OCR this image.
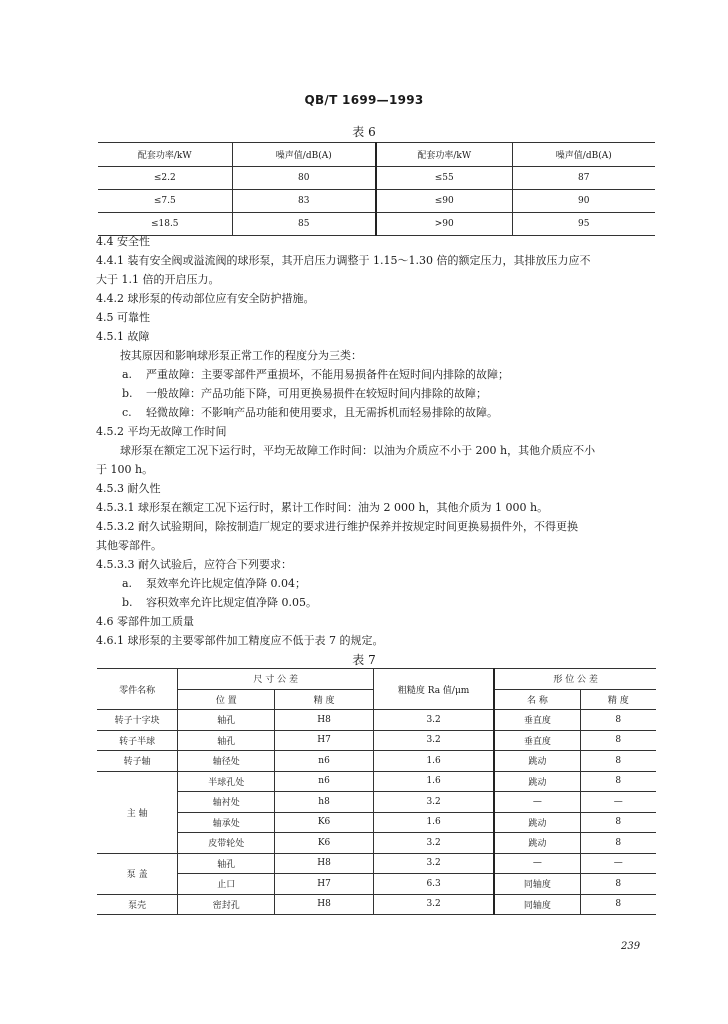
QB/T 1699—1993
表 6
配套功率/kW	噪声值/dB(A)	配套功率/kW	噪声值/dB(A)
≤2.2	80	≤55	87
≤7.5	83	≤90	90
≤18.5	85	>90	95
4.4 安全性
4.4.1 装有安全阀或溢流阀的球形泵，其开启压力调整于 1.15～1.30 倍的额定压力，其排放压力应不
大于 1.1 倍的开启压力。
4.4.2 球形泵的传动部位应有安全防护措施。
4.5 可靠性
4.5.1 故障
按其原因和影响球形泵正常工作的程度分为三类：
a. 严重故障：主要零部件严重损坏，不能用易损备件在短时间内排除的故障；
b. 一般故障：产品功能下降，可用更换易损件在较短时间内排除的故障；
c. 轻微故障：不影响产品功能和使用要求，且无需拆机而轻易排除的故障。
4.5.2 平均无故障工作时间
球形泵在额定工况下运行时，平均无故障工作时间：以油为介质应不小于 200 h，其他介质应不小
于 100 h。
4.5.3 耐久性
4.5.3.1 球形泵在额定工况下运行时，累计工作时间：油为 2 000 h，其他介质为 1 000 h。
4.5.3.2 耐久试验期间，除按制造厂规定的要求进行维护保养并按规定时间更换易损件外，不得更换
其他零部件。
4.5.3.3 耐久试验后，应符合下列要求：
a. 泵效率允许比规定值净降 0.04；
b. 容积效率允许比规定值净降 0.05。
4.6 零部件加工质量
4.6.1 球形泵的主要零部件加工精度应不低于表 7 的规定。
表 7
零件名称	尺 寸 公 差		粗糙度 Ra 值/μm	形 位 公 差	
	位 置	精 度		名 称	精 度
转子十字块	轴孔	H8	3.2	垂直度	8
转子半球	轴孔	H7	3.2	垂直度	8
转子轴	轴径处	n6	1.6	跳动	8
主 轴	半球孔处	n6	1.6	跳动	8
	轴衬处	h8	3.2	—	—
	轴承处	K6	1.6	跳动	8
	皮带轮处	K6	3.2	跳动	8
泵 盖	轴孔	H8	3.2	—	—
	止口	H7	6.3	同轴度	8
泵壳	密封孔	H8	3.2	同轴度	8
239
